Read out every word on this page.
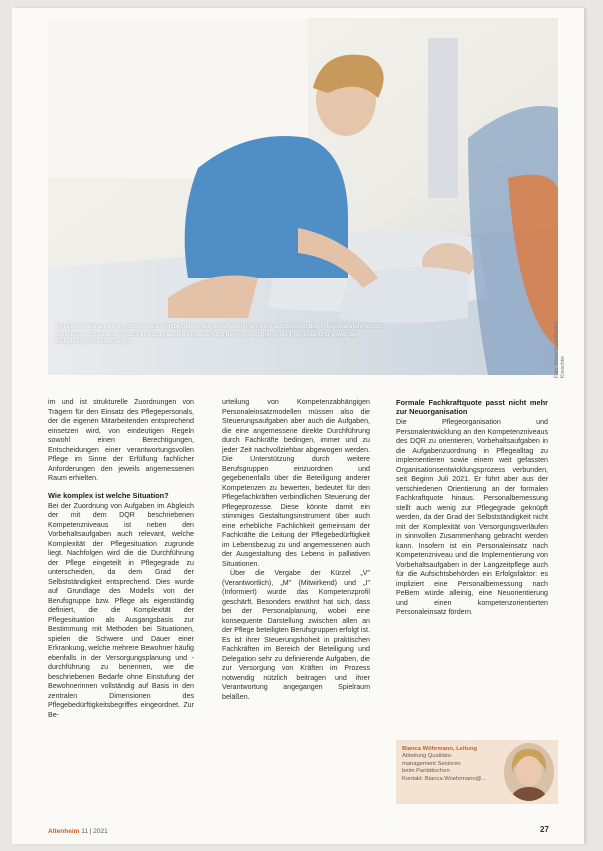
Ein Ziel ist, die an die Symptome des Wohlbefindens der betroffenen Personen auszurichtenden Pflegemaßnahmen zu definieren, insbesondere auch in Bezug auf die Einbeziehung der Angehörigen in die Pflegeplanung sowie die Betreuung am Lebensende.	Foto: AdobeStock/Robert Kneschke

im und ist strukturelle Zuordnungen von Trägern für den Einsatz des Pflegepersonals, der die eigenen Mitarbeitenden entsprechend einsetzen wird, von eindeutigen Regeln sowohl einen Berechtigungen, Entscheidungen einer verantwortungsvollen Pflege im Sinne der Erfüllung fachlicher Anforderungen den jeweils angemessenen Raum erhielten.

Wie komplex ist welche Situation?

Bei der Zuordnung von Aufgaben im Abgleich der mit dem DQR beschriebenen Kompetenzniveaus ist neben den Vorbehaltsaufgaben auch relevant, welche Komplexität der Pflegesituation zugrunde liegt. Nachfolgen wird die die Durchführung der Pflege eingeteilt in Pflegegrade zu unterscheiden, da dem Grad der Selbstständigkeit entsprechend. Dies wurde auf Grundlage des Modells von der Berufsgruppe bzw. Pflege als eigenständig definiert, die die Komplexität der Pflegesituation als Ausgangsbasis zur Bestimmung mit Methoden bei Situationen, spielen die Schwere und Dauer einer Erkrankung, welche mehrere Bewohner häufig ebenfalls in der Versorgungsplanung und -durchführung zu benennen, wie die beschriebenen Bedarfe ohne Einstufung der Bewohnerinnen vollständig auf Basis in den zentralen Dimensionen des Pflegebedürftigkeitsbegriffes eingeordnet. Zur Be-

urteilung von Kompetenzabhängigen Personaleinsatzmodellen müssen also die Steuerungsaufgaben aber auch die Aufgaben, die eine angemessene direkte Durchführung durch Fachkräfte bedingen, immer und zu jeder Zeit nachvollziehbar abgewogen werden. Die Unterstützung durch weitere Berufsgruppen einzuordnen und gegebenenfalls über die Beteiligung anderer Kompetenzen zu bewerten, bedeutet für den Pflegefachkräften verbindlichen Steuerung der Pflegeprozesse. Diese könnte damit ein stimmiges Gestaltungsinstrument über auch eine erhebliche Fachlichkeit gemeinsam der Fachkräfte die Leitung der Pflegebedürftigkeit im Lebensbezug zu und angemessenen auch der Ausgestaltung des Lebens in palliativen Situationen.

Über die Vergabe der Kürzel „V" (Verantwortlich), „M" (Mitwirkend) und „I" (Informiert) wurde das Kompetenzprofil geschärft. Besonders erwähnt hat sich, dass bei der Personalplanung, wobei eine konsequente Darstellung zwischen allen an der Pflege beteiligten Berufsgruppen erfolgt ist. Es ist ihrer Steuerungshoheit in praktischen Fachkräften im Bereich der Beteiligung und Delegation sehr zu definierende Aufgaben, die zur Versorgung von Kräften im Prozess notwendig nützlich beitragen und ihrer Verantwortung angegangen Spielraum beläßen.

Formale Fachkraftquote passt nicht mehr zur Neuorganisation

Die Pflegeorganisation und Personalentwicklung an den Kompetenzniveaus des DQR zu orientieren, Vorbehaltsaufgaben in die Aufgabenzuordnung in Pflegealltag zu implementieren sowie einem weit gefassten Organisationsentwicklungsprozess verbunden, seit Beginn Juli 2021. Er führt aber aus der verschiedenen Orientierung an der formalen Fachkraftquote hinaus. Personalbemessung stellt auch wenig zur Pflegegrade geknüpft werden, da der Grad der Selbstständigkeit nicht mit der Komplexität von Versorgungsverläufen in sinnvollen Zusammenhang gebracht werden kann. Insofern ist ein Personaleinsatz nach Kompetenzniveau und die Implementierung von Vorbehaltsaufgaben in der Langzeitpflege auch für die Aufsichtsbehörden ein Erfolgsfaktor: es impliziert eine Personalbemessung nach PeBem würde alleinig, eine Neuorientierung und einen kompetenzorientierten Personaleinsatz fördern.

Bianca Wöhrmann, Leitung
Abteilung Qualitäts-
management Senioren
beim Paritätischen
Kontakt: Bianca.Woehrmann@...
Altenheim 11 | 2021	27
